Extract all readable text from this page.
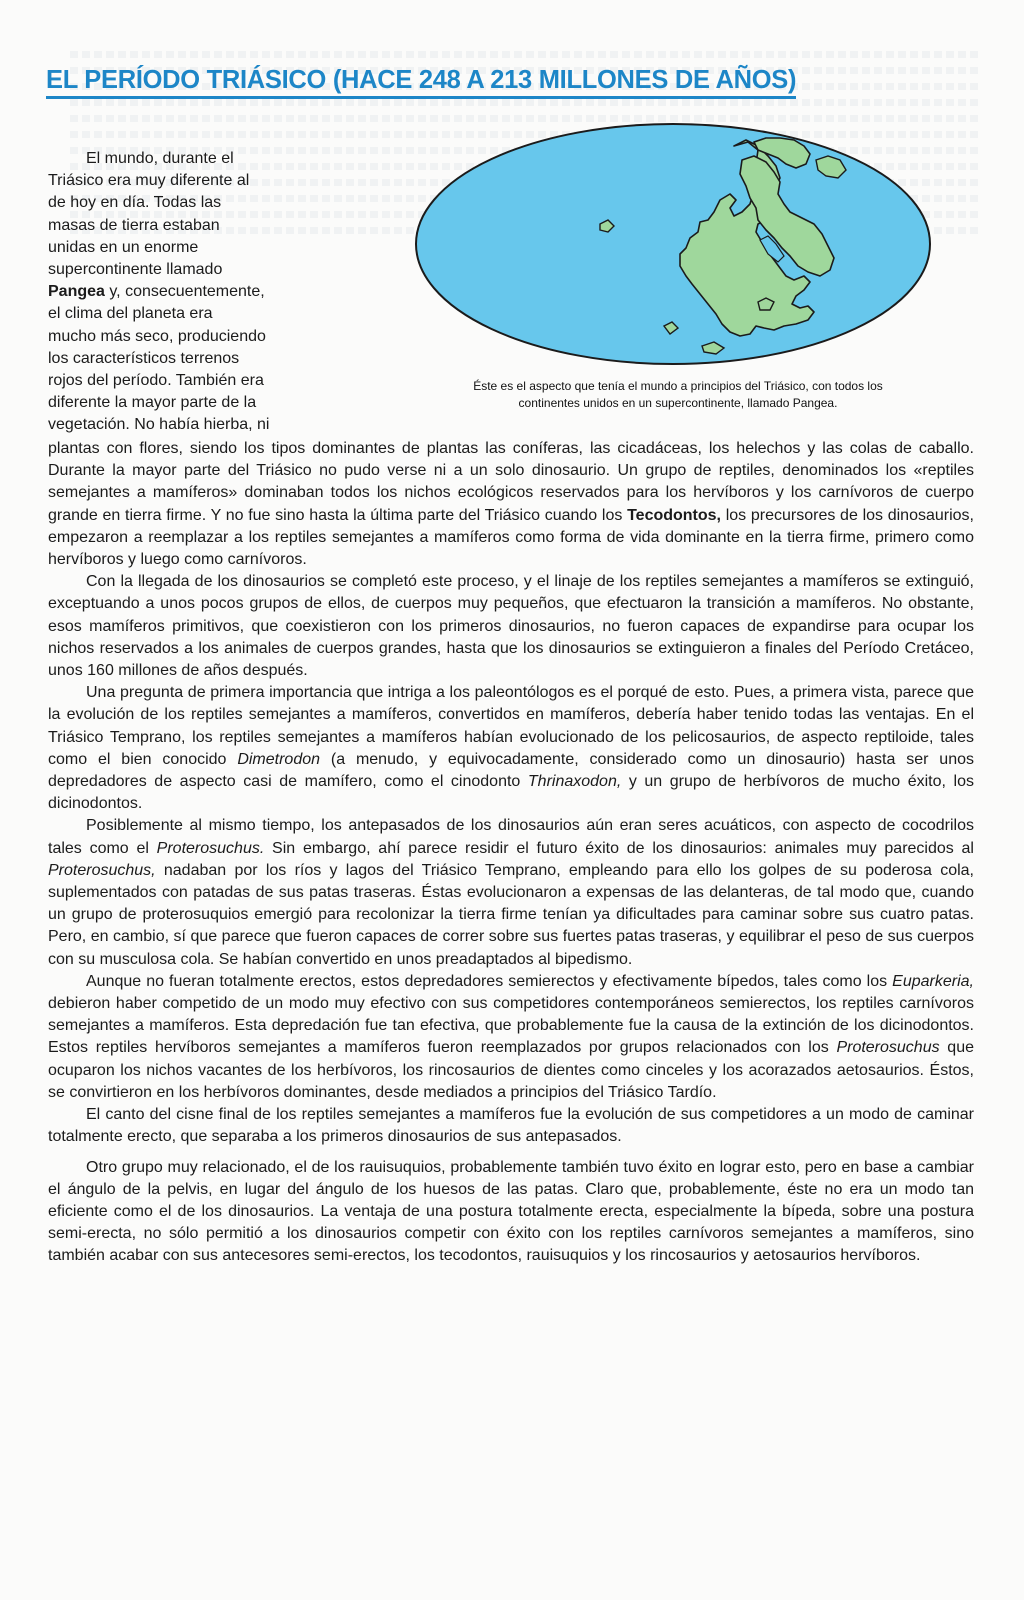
EL PERÍODO TRIÁSICO (HACE 248 A 213 MILLONES DE AÑOS)

Éste es el aspecto que tenía el mundo a principios del Triásico, con todos los
continentes unidos en un supercontinente, llamado Pangea.

El mundo, durante el
Triásico era muy diferente al
de hoy en día. Todas las
masas de tierra estaban
unidas en un enorme
supercontinente llamado
Pangea y, consecuentemente,
el clima del planeta era
mucho más seco, produciendo
los característicos terrenos
rojos del período. También era
diferente la mayor parte de la
vegetación. No había hierba, ni

plantas con flores, siendo los tipos dominantes de plantas las coníferas, las cicadáceas, los helechos y las colas de caballo. Durante la mayor parte del Triásico no pudo verse ni a un solo dinosaurio. Un grupo de reptiles, denominados los «reptiles semejantes a mamíferos» dominaban todos los nichos ecológicos reservados para los hervíboros y los carnívoros de cuerpo grande en tierra firme. Y no fue sino hasta la última parte del Triásico cuando los Tecodontos, los precursores de los dinosaurios, empezaron a reemplazar a los reptiles semejantes a mamíferos como forma de vida dominante en la tierra firme, primero como hervíboros y luego como carnívoros.

Con la llegada de los dinosaurios se completó este proceso, y el linaje de los reptiles semejantes a mamíferos se extinguió, exceptuando a unos pocos grupos de ellos, de cuerpos muy pequeños, que efectuaron la transición a mamíferos. No obstante, esos mamíferos primitivos, que coexistieron con los primeros dinosaurios, no fueron capaces de expandirse para ocupar los nichos reservados a los animales de cuerpos grandes, hasta que los dinosaurios se extinguieron a finales del Período Cretáceo, unos 160 millones de años después.

Una pregunta de primera importancia que intriga a los paleontólogos es el porqué de esto. Pues, a primera vista, parece que la evolución de los reptiles semejantes a mamíferos, convertidos en mamíferos, debería haber tenido todas las ventajas. En el Triásico Temprano, los reptiles semejantes a mamíferos habían evolucionado de los pelicosaurios, de aspecto reptiloide, tales como el bien conocido Dimetrodon (a menudo, y equivocadamente, considerado como un dinosaurio) hasta ser unos depredadores de aspecto casi de mamífero, como el cinodonto Thrinaxodon, y un grupo de herbívoros de mucho éxito, los dicinodontos.

Posiblemente al mismo tiempo, los antepasados de los dinosaurios aún eran seres acuáticos, con aspecto de cocodrilos tales como el Proterosuchus. Sin embargo, ahí parece residir el futuro éxito de los dinosaurios: animales muy parecidos al Proterosuchus, nadaban por los ríos y lagos del Triásico Temprano, empleando para ello los golpes de su poderosa cola, suplementados con patadas de sus patas traseras. Éstas evolucionaron a expensas de las delanteras, de tal modo que, cuando un grupo de proterosuquios emergió para recolonizar la tierra firme tenían ya dificultades para caminar sobre sus cuatro patas. Pero, en cambio, sí que parece que fueron capaces de correr sobre sus fuertes patas traseras, y equilibrar el peso de sus cuerpos con su musculosa cola. Se habían convertido en unos preadaptados al bipedismo.

Aunque no fueran totalmente erectos, estos depredadores semierectos y efectivamente bípedos, tales como los Euparkeria, debieron haber competido de un modo muy efectivo con sus competidores contemporáneos semierectos, los reptiles carnívoros semejantes a mamíferos. Esta depredación fue tan efectiva, que probablemente fue la causa de la extinción de los dicinodontos. Estos reptiles hervíboros semejantes a mamíferos fueron reemplazados por grupos relacionados con los Proterosuchus que ocuparon los nichos vacantes de los herbívoros, los rincosaurios de dientes como cinceles y los acorazados aetosaurios. Éstos, se convirtieron en los herbívoros dominantes, desde mediados a principios del Triásico Tardío.

El canto del cisne final de los reptiles semejantes a mamíferos fue la evolución de sus competidores a un modo de caminar totalmente erecto, que separaba a los primeros dinosaurios de sus antepasados.

Otro grupo muy relacionado, el de los rauisuquios, probablemente también tuvo éxito en lograr esto, pero en base a cambiar el ángulo de la pelvis, en lugar del ángulo de los huesos de las patas. Claro que, probablemente, éste no era un modo tan eficiente como el de los dinosaurios. La ventaja de una postura totalmente erecta, especialmente la bípeda, sobre una postura semi-erecta, no sólo permitió a los dinosaurios competir con éxito con los reptiles carnívoros semejantes a mamíferos, sino también acabar con sus antecesores semi-erectos, los tecodontos, rauisuquios y los rincosaurios y aetosaurios hervíboros.
